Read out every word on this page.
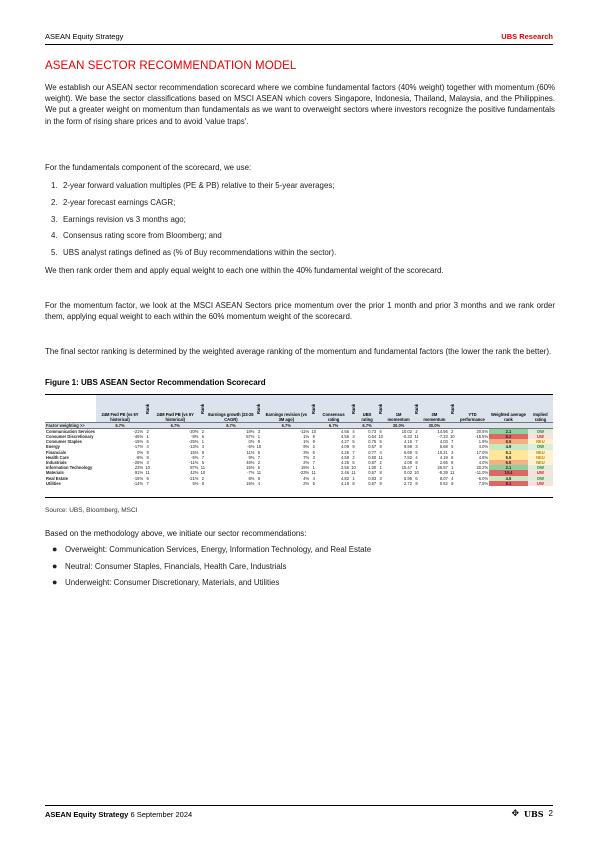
ASEAN Equity Strategy	UBS Research
ASEAN SECTOR RECOMMENDATION MODEL

We establish our ASEAN sector recommendation scorecard where we combine fundamental factors (40% weight) together with momentum (60% weight). We base the sector classifications based on MSCI ASEAN which covers Singapore, Indonesia, Thailand, Malaysia, and the Philippines. We put a greater weight on momentum than fundamentals as we want to overweight sectors where investors recognize the positive fundamentals in the form of rising share prices and to avoid 'value traps'.

For the fundamentals component of the scorecard, we use:

1. 2-year forward valuation multiples (PE & PB) relative to their 5-year averages;
2. 2-year forecast earnings CAGR;
3. Earnings revision vs 3 months ago;
4. Consensus rating score from Bloomberg; and
5. UBS analyst ratings defined as (% of Buy recommendations within the sector).

We then rank order them and apply equal weight to each one within the 40% fundamental weight of the scorecard.

For the momentum factor, we look at the MSCI ASEAN Sectors price momentum over the prior 1 month and prior 3 months and we rank order them, applying equal weight to each within the 60% momentum weight of the scorecard.

The final sector ranking is determined by the weighted average ranking of the momentum and fundamental factors (the lower the rank the better).

Figure 1: UBS ASEAN Sector Recommendation Scorecard
	24M Fwd PE (vs 5Y historical)	Rank	24M Fwd PB (vs 5Y historical)	Rank	Earnings growth (23-25 CAGR)	Rank	Earnings revision (vs 3M ago)	Rank	Consensus rating	Rank	UBS rating	Rank	1M momentum	Rank	3M momentum	Rank	YTD performance	Weighted average rank	Implied rating
Factor weighting >>	6.7%		6.7%		6.7%		6.7%		6.7%		6.7%		30.0%		30.0%				
Communication Services	-21%	2	-20%	2	18%	3	-11%	10	4.56	4	0.73	6	10.02	2	14.56	2	20.6%	2.1	OW
Consumer Discretionary	-46%	1	-8%	6	57%	1	1%	8	4.56	3	0.64	10	-0.33	11	-7.23	10	-15.5%	8.2	UW
Consumer Staples	-15%	6	-25%	1	0%	9	1%	9	4.27	5	0.75	5	4.15	7	4.03	7	1.9%	6.5	NEU
Energy	-17%	4	-13%	4	-5%	10	9%	2	4.09	9	0.67	8	9.98	3	5.68	5	4.0%	4.9	OW
Financials	0%	9	15%	9	11%	6	3%	6	4.26	7	0.77	4	6.69	5	10.21	3	17.0%	5.1	NEU
Health Care	-8%	8	-5%	7	9%	7	7%	3	4.58	2	0.50	11	7.82	4	4.19	6	4.8%	5.5	NEU
Industrials	-25%	3	-11%	5	48%	2	2%	7	4.25	6	0.87	2	4.08	8	2.65	8	4.0%	6.5	NEU
Information Technology	23%	10	87%	11	15%	5	15%	1	3.56	10	1.00	1	15.47	1	26.57	1	20.2%	2.1	OW
Materials	91%	11	42%	10	-7%	11	-23%	11	2.46	11	0.67	8	0.02	10	-8.39	11	-11.0%	10.4	UW
Real Estate	-15%	5	-21%	2	8%	8	4%	4	4.82	1	0.83	3	5.96	6	8.07	4	-6.0%	4.5	OW
Utilities	-14%	7	5%	8	15%	4	2%	5	4.19	8	0.67	8	2.72	9	0.62	9	7.5%	8.1	UW
Source: UBS, Bloomberg, MSCI

Based on the methodology above, we initiate our sector recommendations:

● Overweight: Communication Services, Energy, Information Technology, and Real Estate
● Neutral: Consumer Staples, Financials, Health Care, Industrials
● Underweight: Consumer Discretionary, Materials, and Utilities
ASEAN Equity Strategy 6 September 2024	✥ UBS 2
